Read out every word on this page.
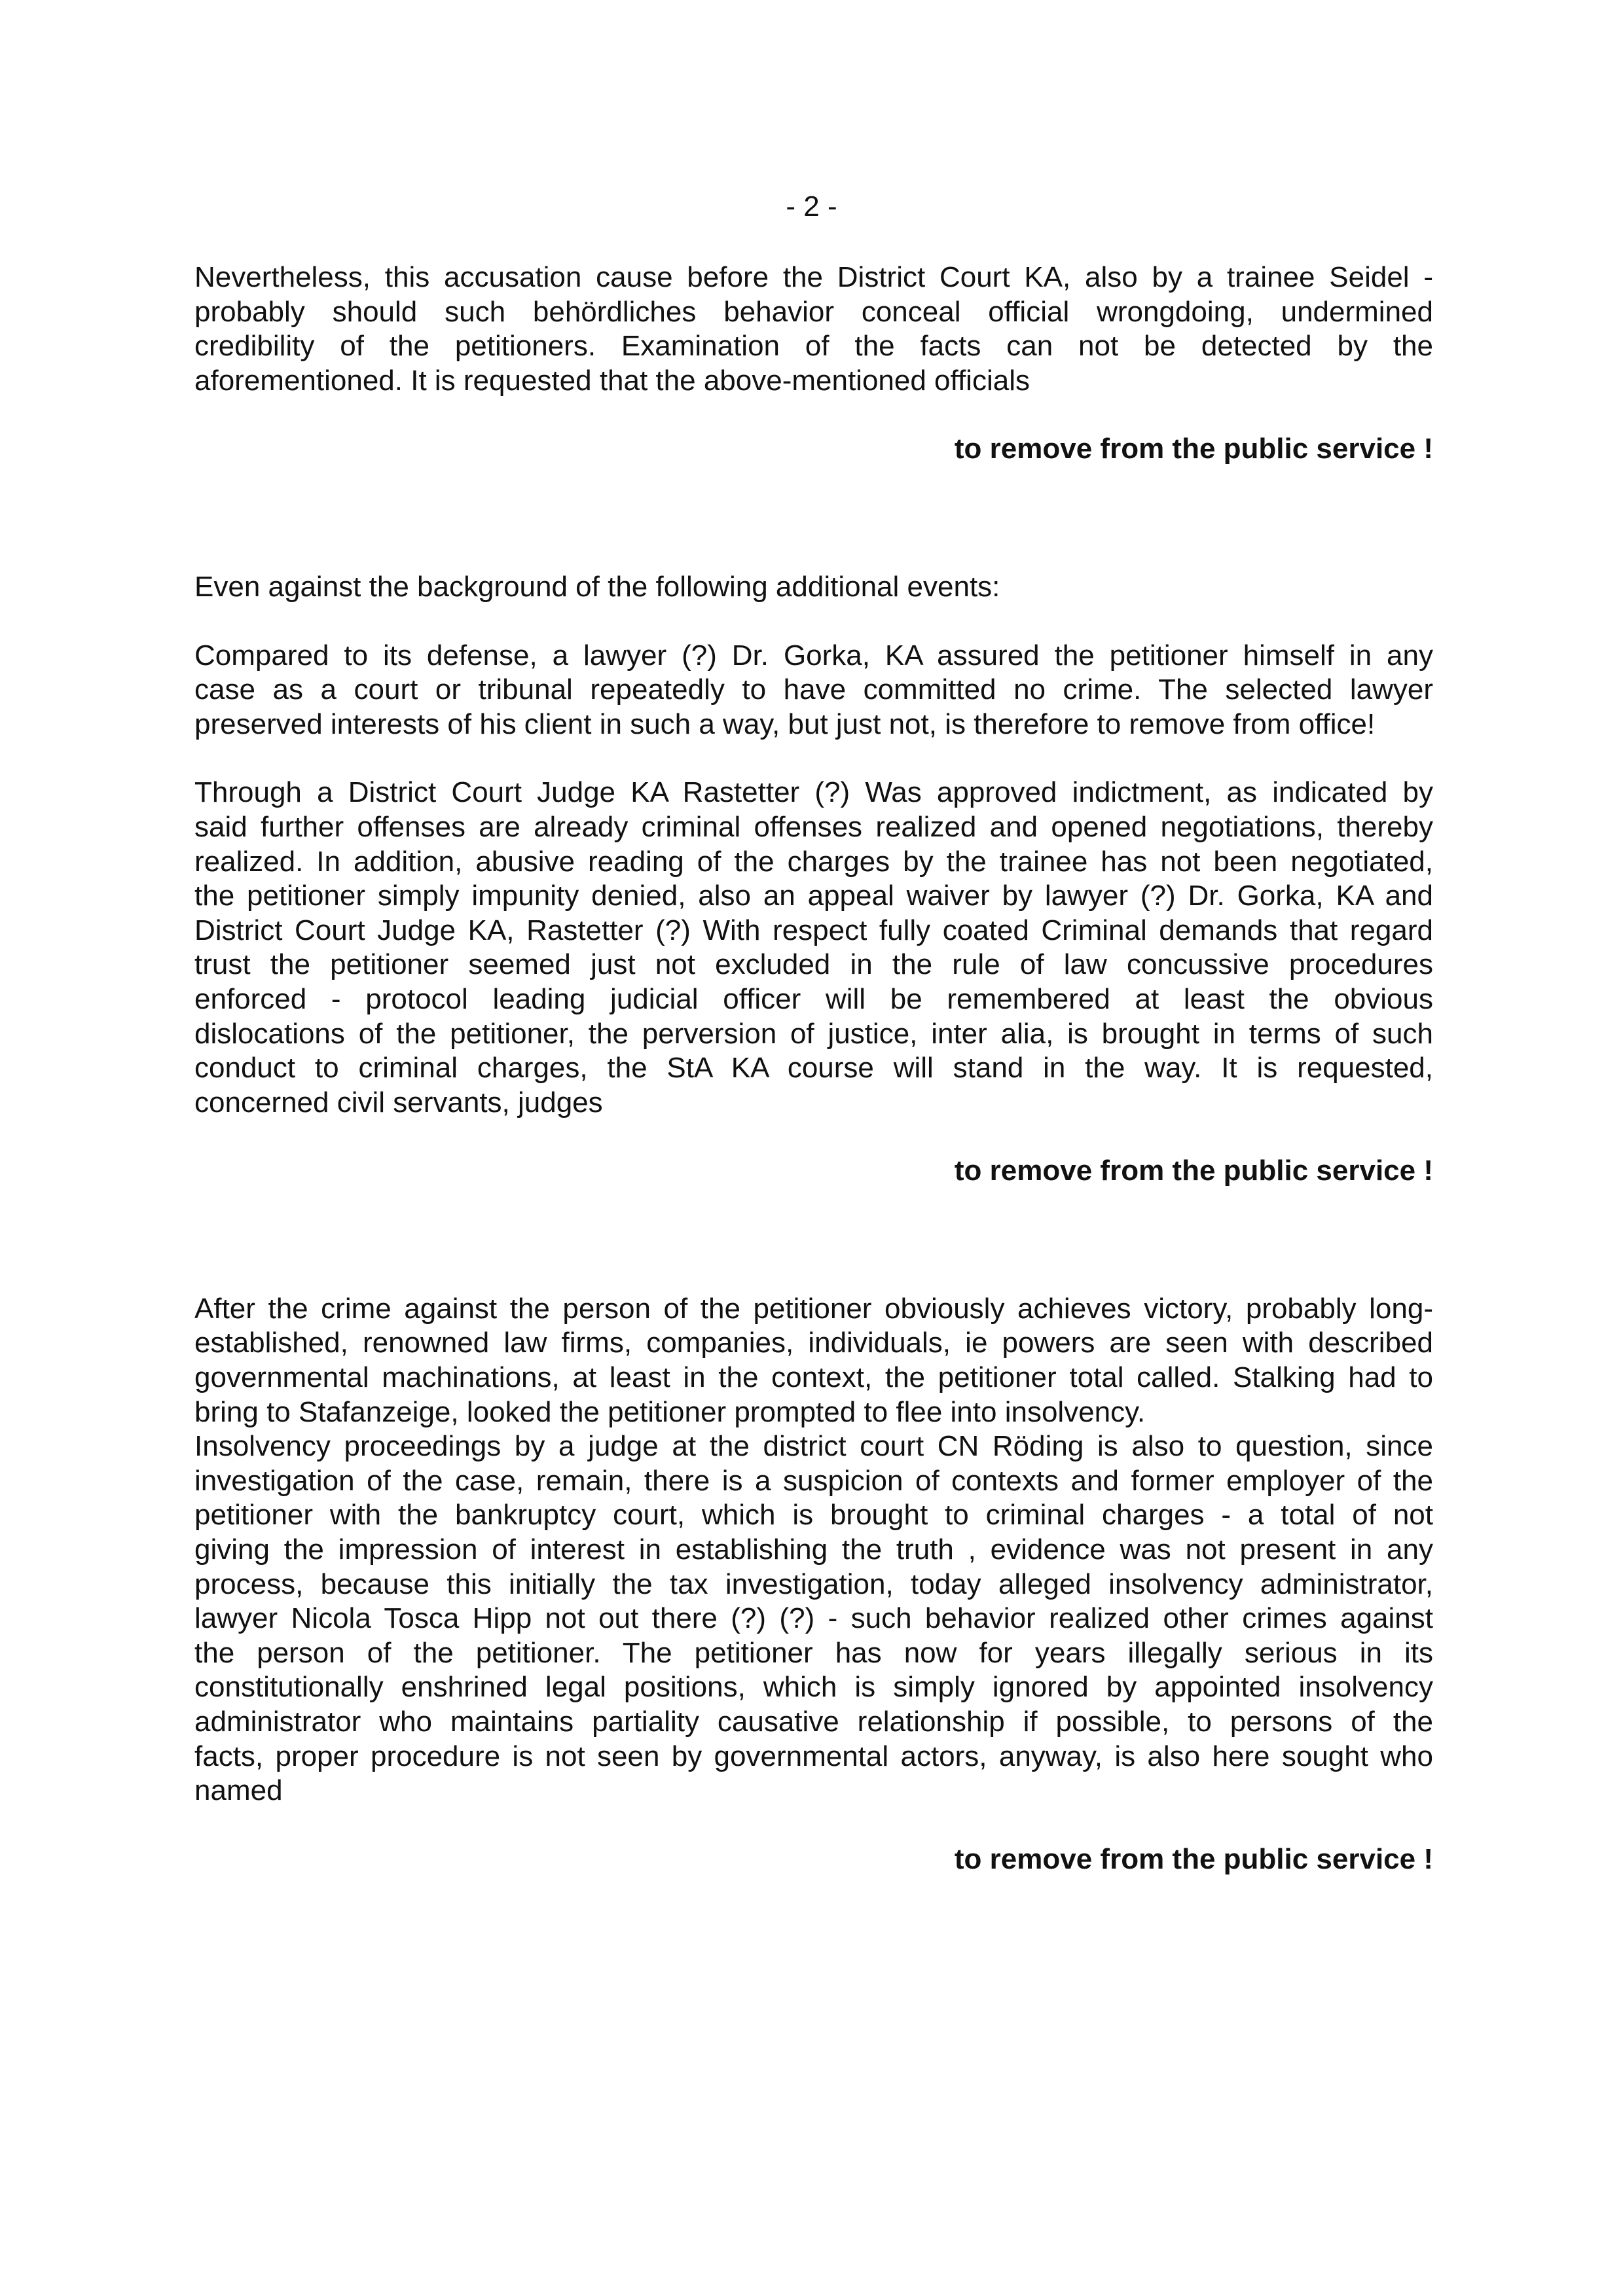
- 2 -

Nevertheless, this accusation cause before the District Court KA, also by a trainee Seidel -
probably should such behördliches behavior conceal official wrongdoing, undermined
credibility of the petitioners. Examination of the facts can not be detected by the
aforementioned. It is requested that the above-mentioned officials

to remove from the public service !

Even against the background of the following additional events:

Compared to its defense, a lawyer (?) Dr. Gorka, KA assured the petitioner himself in any
case as a court or tribunal repeatedly to have committed no crime. The selected lawyer
preserved interests of his client in such a way, but just not, is therefore to remove from office!

Through a District Court Judge KA Rastetter (?) Was approved indictment, as indicated by
said further offenses are already criminal offenses realized and opened negotiations, thereby
realized. In addition, abusive reading of the charges by the trainee has not been negotiated,
the petitioner simply impunity denied, also an appeal waiver by lawyer (?) Dr. Gorka, KA and
District Court Judge KA, Rastetter (?) With respect fully coated Criminal demands that regard
trust the petitioner seemed just not excluded in the rule of law concussive procedures
enforced - protocol leading judicial officer will be remembered at least the obvious
dislocations of the petitioner, the perversion of justice, inter alia, is brought in terms of such
conduct to criminal charges, the StA KA course will stand in the way. It is requested,
concerned civil servants, judges

to remove from the public service !

After the crime against the person of the petitioner obviously achieves victory, probably long-
established, renowned law firms, companies, individuals, ie powers are seen with described
governmental machinations, at least in the context, the petitioner total called. Stalking had to
bring to Stafanzeige, looked the petitioner prompted to flee into insolvency.

Insolvency proceedings by a judge at the district court CN Röding is also to question, since
investigation of the case, remain, there is a suspicion of contexts and former employer of the
petitioner with the bankruptcy court, which is brought to criminal charges - a total of not
giving the impression of interest in establishing the truth , evidence was not present in any
process, because this initially the tax investigation, today alleged insolvency administrator,
lawyer Nicola Tosca Hipp not out there (?) (?) - such behavior realized other crimes against
the person of the petitioner. The petitioner has now for years illegally serious in its
constitutionally enshrined legal positions, which is simply ignored by appointed insolvency
administrator who maintains partiality causative relationship if possible, to persons of the
facts, proper procedure is not seen by governmental actors, anyway, is also here sought who
named

to remove from the public service !
